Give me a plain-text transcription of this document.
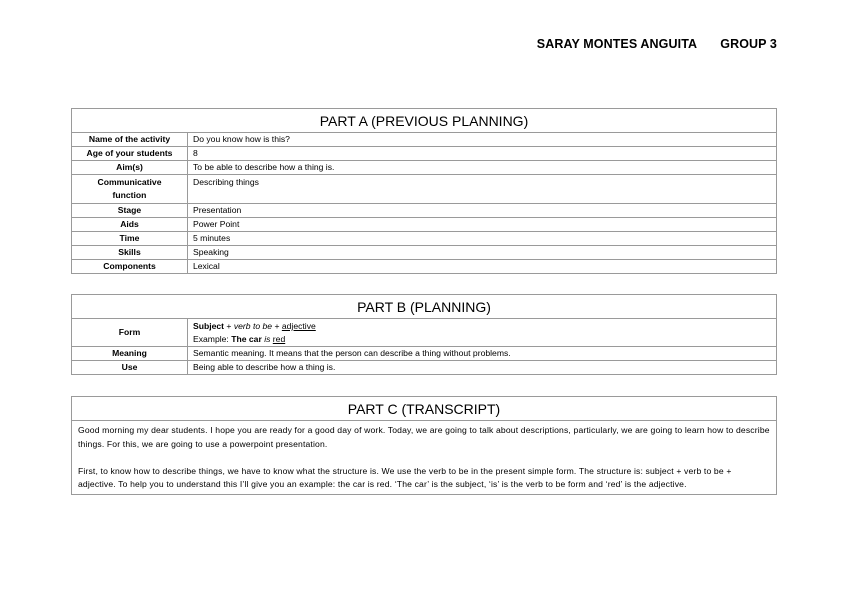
SARAY MONTES ANGUITA GROUP 3
PART A (PREVIOUS PLANNING)	
Name of the activity	Do you know how is this?
Age of your students	8
Aim(s)	To be able to describe how a thing is.
Communicative function	Describing things
Stage	Presentation
Aids	Power Point
Time	5 minutes
Skills	Speaking
Components	Lexical
PART B (PLANNING)	
Form	Subject + verb to be + adjective
Example: The car is red

Meaning	Semantic meaning. It means that the person can describe a thing without problems.
Use	Being able to describe how a thing is.
PART C (TRANSCRIPT)

Good morning my dear students. I hope you are ready for a good day of work. Today, we are going to talk about descriptions, particularly, we are going to learn how to describe things. For this, we are going to use a powerpoint presentation.

First, to know how to describe things, we have to know what the structure is. We use the verb to be in the present simple form. The structure is: subject + verb to be + adjective. To help you to understand this I’ll give you an example: the car is red. ‘The car’ is the subject, ‘is’ is the verb to be form and ‘red’ is the adjective.
